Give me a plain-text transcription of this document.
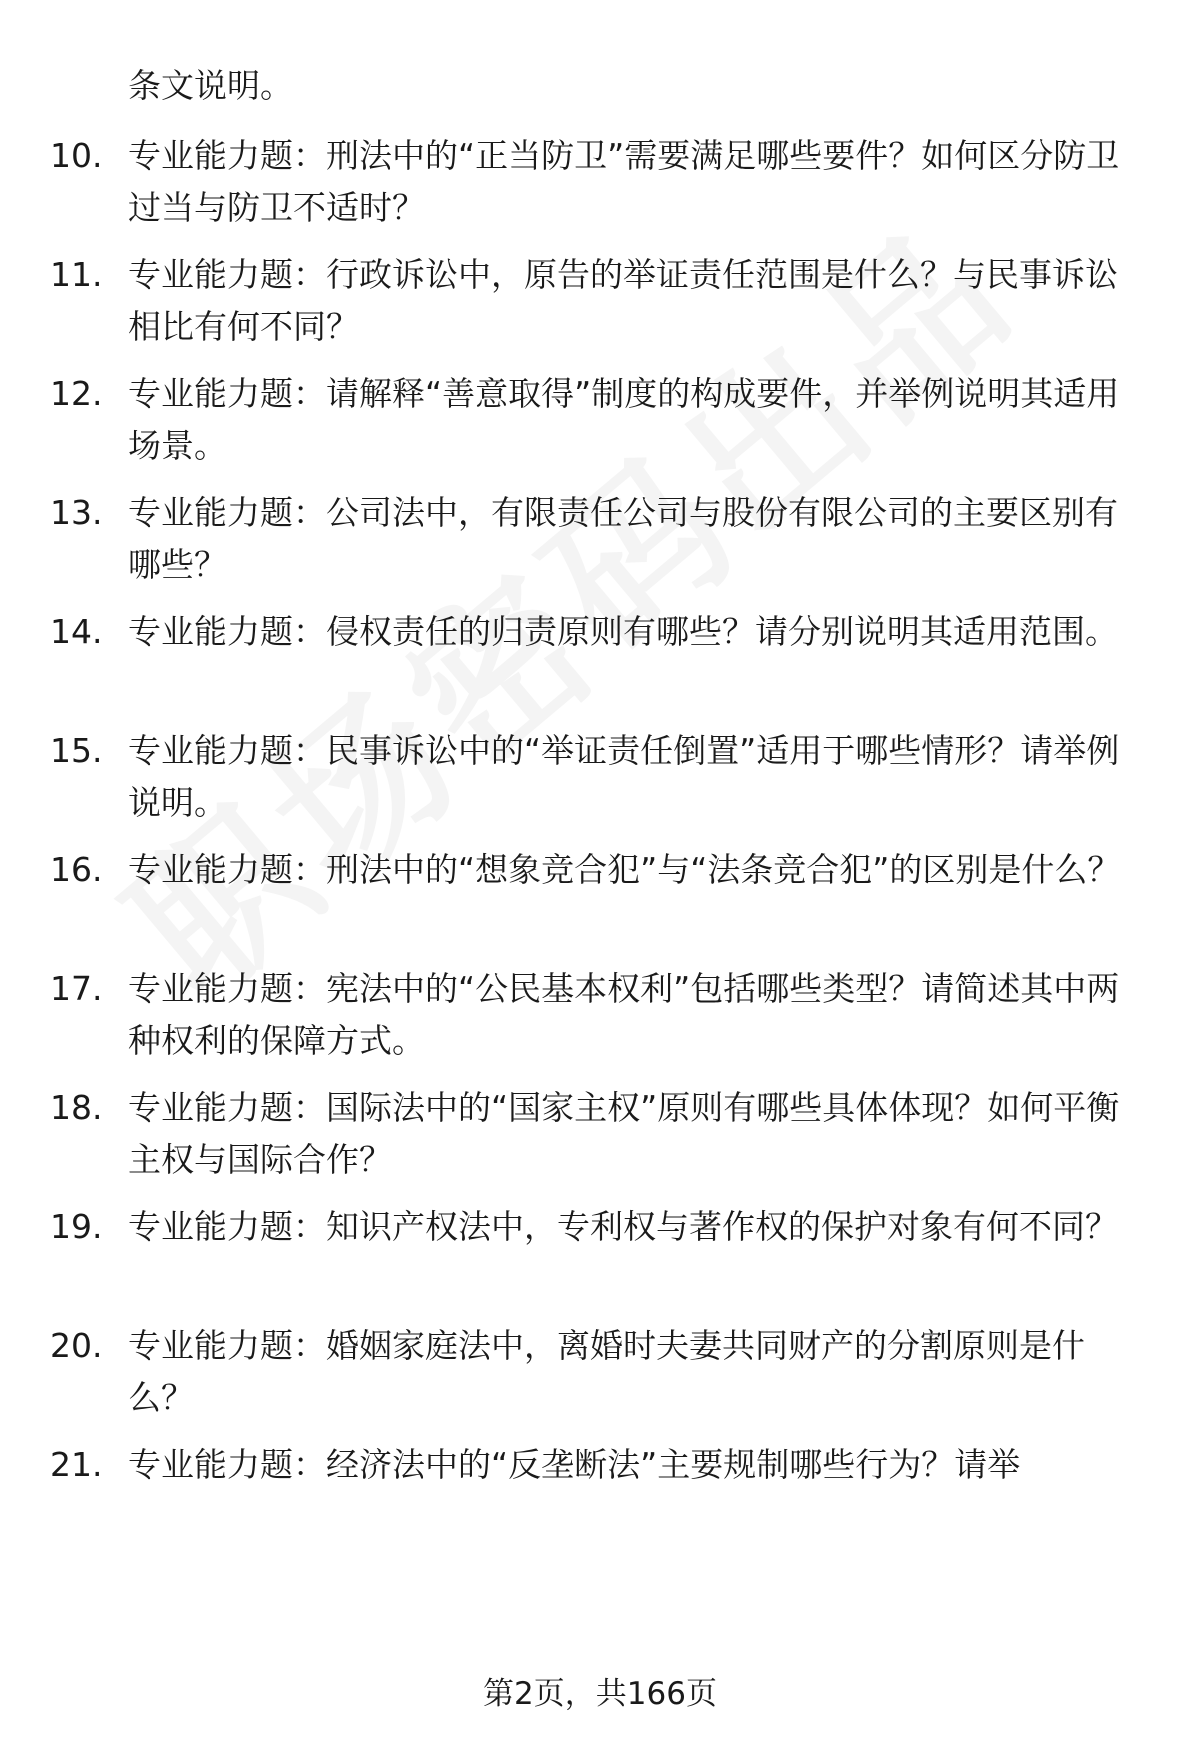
条文说明。
10. 专业能力题：刑法中的“正当防卫”需要满足哪些要件？如何区分防卫过当与防卫不适时？
11. 专业能力题：行政诉讼中，原告的举证责任范围是什么？与民事诉讼相比有何不同？
12. 专业能力题：请解释“善意取得”制度的构成要件，并举例说明其适用场景。
13. 专业能力题：公司法中，有限责任公司与股份有限公司的主要区别有哪些？
14. 专业能力题：侵权责任的归责原则有哪些？请分别说明其适用范围。
15. 专业能力题：民事诉讼中的“举证责任倒置”适用于哪些情形？请举例说明。
16. 专业能力题：刑法中的“想象竞合犯”与“法条竞合犯”的区别是什么？
17. 专业能力题：宪法中的“公民基本权利”包括哪些类型？请简述其中两种权利的保障方式。
18. 专业能力题：国际法中的“国家主权”原则有哪些具体体现？如何平衡主权与国际合作？
19. 专业能力题：知识产权法中，专利权与著作权的保护对象有何不同？
20. 专业能力题：婚姻家庭法中，离婚时夫妻共同财产的分割原则是什么？
21. 专业能力题：经济法中的“反垄断法”主要规制哪些行为？请举
第2页，共166页
